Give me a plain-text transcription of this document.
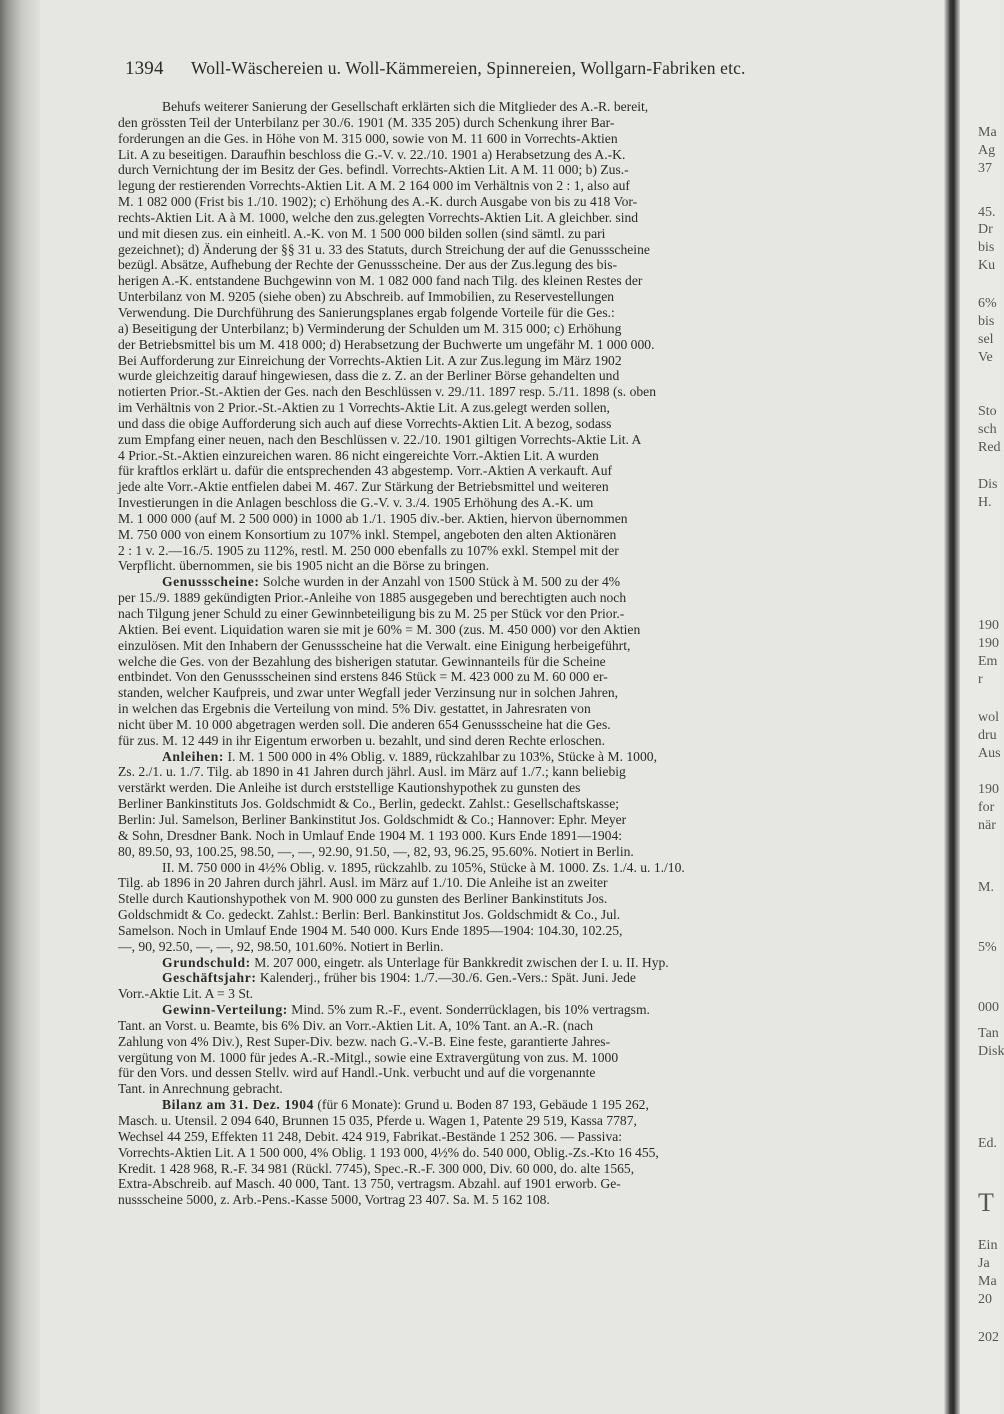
1394 Woll-Wäschereien u. Woll-Kämmereien, Spinnereien, Wollgarn-Fabriken etc.
Behufs weiterer Sanierung der Gesellschaft erklärten sich die Mitglieder des A.-R. bereit,
den grössten Teil der Unterbilanz per 30./6. 1901 (M. 335 205) durch Schenkung ihrer Bar-
forderungen an die Ges. in Höhe von M. 315 000, sowie von M. 11 600 in Vorrechts-Aktien
Lit. A zu beseitigen. Daraufhin beschloss die G.-V. v. 22./10. 1901 a) Herabsetzung des A.-K.
durch Vernichtung der im Besitz der Ges. befindl. Vorrechts-Aktien Lit. A M. 11 000; b) Zus.-
legung der restierenden Vorrechts-Aktien Lit. A M. 2 164 000 im Verhältnis von 2 : 1, also auf
M. 1 082 000 (Frist bis 1./10. 1902); c) Erhöhung des A.-K. durch Ausgabe von bis zu 418 Vor-
rechts-Aktien Lit. A à M. 1000, welche den zus.gelegten Vorrechts-Aktien Lit. A gleichber. sind
und mit diesen zus. ein einheitl. A.-K. von M. 1 500 000 bilden sollen (sind sämtl. zu pari
gezeichnet); d) Änderung der §§ 31 u. 33 des Statuts, durch Streichung der auf die Genussscheine
bezügl. Absätze, Aufhebung der Rechte der Genussscheine. Der aus der Zus.legung des bis-
herigen A.-K. entstandene Buchgewinn von M. 1 082 000 fand nach Tilg. des kleinen Restes der
Unterbilanz von M. 9205 (siehe oben) zu Abschreib. auf Immobilien, zu Reservestellungen
Verwendung. Die Durchführung des Sanierungsplanes ergab folgende Vorteile für die Ges.:
a) Beseitigung der Unterbilanz; b) Verminderung der Schulden um M. 315 000; c) Erhöhung
der Betriebsmittel bis um M. 418 000; d) Herabsetzung der Buchwerte um ungefähr M. 1 000 000.
Bei Aufforderung zur Einreichung der Vorrechts-Aktien Lit. A zur Zus.legung im März 1902
wurde gleichzeitig darauf hingewiesen, dass die z. Z. an der Berliner Börse gehandelten und
notierten Prior.-St.-Aktien der Ges. nach den Beschlüssen v. 29./11. 1897 resp. 5./11. 1898 (s. oben
im Verhältnis von 2 Prior.-St.-Aktien zu 1 Vorrechts-Aktie Lit. A zus.gelegt werden sollen,
und dass die obige Aufforderung sich auch auf diese Vorrechts-Aktien Lit. A bezog, sodass
zum Empfang einer neuen, nach den Beschlüssen v. 22./10. 1901 giltigen Vorrechts-Aktie Lit. A
4 Prior.-St.-Aktien einzureichen waren. 86 nicht eingereichte Vorr.-Aktien Lit. A wurden
für kraftlos erklärt u. dafür die entsprechenden 43 abgestemp. Vorr.-Aktien A verkauft. Auf
jede alte Vorr.-Aktie entfielen dabei M. 467. Zur Stärkung der Betriebsmittel und weiteren
Investierungen in die Anlagen beschloss die G.-V. v. 3./4. 1905 Erhöhung des A.-K. um
M. 1 000 000 (auf M. 2 500 000) in 1000 ab 1./1. 1905 div.-ber. Aktien, hiervon übernommen
M. 750 000 von einem Konsortium zu 107% inkl. Stempel, angeboten den alten Aktionären
2 : 1 v. 2.—16./5. 1905 zu 112%, restl. M. 250 000 ebenfalls zu 107% exkl. Stempel mit der
Verpflicht. übernommen, sie bis 1905 nicht an die Börse zu bringen.
Genussscheine: Solche wurden in der Anzahl von 1500 Stück à M. 500 zu der 4%
per 15./9. 1889 gekündigten Prior.-Anleihe von 1885 ausgegeben und berechtigten auch noch
nach Tilgung jener Schuld zu einer Gewinnbeteiligung bis zu M. 25 per Stück vor den Prior.-
Aktien. Bei event. Liquidation waren sie mit je 60% = M. 300 (zus. M. 450 000) vor den Aktien
einzulösen. Mit den Inhabern der Genussscheine hat die Verwalt. eine Einigung herbeigeführt,
welche die Ges. von der Bezahlung des bisherigen statutar. Gewinnanteils für die Scheine
entbindet. Von den Genussscheinen sind erstens 846 Stück = M. 423 000 zu M. 60 000 er-
standen, welcher Kaufpreis, und zwar unter Wegfall jeder Verzinsung nur in solchen Jahren,
in welchen das Ergebnis die Verteilung von mind. 5% Div. gestattet, in Jahresraten von
nicht über M. 10 000 abgetragen werden soll. Die anderen 654 Genussscheine hat die Ges.
für zus. M. 12 449 in ihr Eigentum erworben u. bezahlt, und sind deren Rechte erloschen.
Anleihen: I. M. 1 500 000 in 4% Oblig. v. 1889, rückzahlbar zu 103%, Stücke à M. 1000,
Zs. 2./1. u. 1./7. Tilg. ab 1890 in 41 Jahren durch jährl. Ausl. im März auf 1./7.; kann beliebig
verstärkt werden. Die Anleihe ist durch erststellige Kautionshypothek zu gunsten des
Berliner Bankinstituts Jos. Goldschmidt & Co., Berlin, gedeckt. Zahlst.: Gesellschaftskasse;
Berlin: Jul. Samelson, Berliner Bankinstitut Jos. Goldschmidt & Co.; Hannover: Ephr. Meyer
& Sohn, Dresdner Bank. Noch in Umlauf Ende 1904 M. 1 193 000. Kurs Ende 1891—1904:
80, 89.50, 93, 100.25, 98.50, —, —, 92.90, 91.50, —, 82, 93, 96.25, 95.60%. Notiert in Berlin.
II. M. 750 000 in 4½% Oblig. v. 1895, rückzahlb. zu 105%, Stücke à M. 1000. Zs. 1./4. u. 1./10.
Tilg. ab 1896 in 20 Jahren durch jährl. Ausl. im März auf 1./10. Die Anleihe ist an zweiter
Stelle durch Kautionshypothek von M. 900 000 zu gunsten des Berliner Bankinstituts Jos.
Goldschmidt & Co. gedeckt. Zahlst.: Berlin: Berl. Bankinstitut Jos. Goldschmidt & Co., Jul.
Samelson. Noch in Umlauf Ende 1904 M. 540 000. Kurs Ende 1895—1904: 104.30, 102.25,
—, 90, 92.50, —, —, 92, 98.50, 101.60%. Notiert in Berlin.
Grundschuld: M. 207 000, eingetr. als Unterlage für Bankkredit zwischen der I. u. II. Hyp.
Geschäftsjahr: Kalenderj., früher bis 1904: 1./7.—30./6. Gen.-Vers.: Spät. Juni. Jede
Vorr.-Aktie Lit. A = 3 St.
Gewinn-Verteilung: Mind. 5% zum R.-F., event. Sonderrücklagen, bis 10% vertragsm.
Tant. an Vorst. u. Beamte, bis 6% Div. an Vorr.-Aktien Lit. A, 10% Tant. an A.-R. (nach
Zahlung von 4% Div.), Rest Super-Div. bezw. nach G.-V.-B. Eine feste, garantierte Jahres-
vergütung von M. 1000 für jedes A.-R.-Mitgl., sowie eine Extravergütung von zus. M. 1000
für den Vors. und dessen Stellv. wird auf Handl.-Unk. verbucht und auf die vorgenannte
Tant. in Anrechnung gebracht.
Bilanz am 31. Dez. 1904 (für 6 Monate): Grund u. Boden 87 193, Gebäude 1 195 262,
Masch. u. Utensil. 2 094 640, Brunnen 15 035, Pferde u. Wagen 1, Patente 29 519, Kassa 7787,
Wechsel 44 259, Effekten 11 248, Debit. 424 919, Fabrikat.-Bestände 1 252 306. — Passiva:
Vorrechts-Aktien Lit. A 1 500 000, 4% Oblig. 1 193 000, 4½% do. 540 000, Oblig.-Zs.-Kto 16 455,
Kredit. 1 428 968, R.-F. 34 981 (Rückl. 7745), Spec.-R.-F. 300 000, Div. 60 000, do. alte 1565,
Extra-Abschreib. auf Masch. 40 000, Tant. 13 750, vertragsm. Abzahl. auf 1901 erworb. Ge-
nussscheine 5000, z. Arb.-Pens.-Kasse 5000, Vortrag 23 407. Sa. M. 5 162 108.
Ma
Ag
37
45.
Dr
bis
Ku
6%
bis
sel
Ve
Sto
sch
Red
Dis
H.
190
190
Em
r
wol
dru
Aus
190
for
när
M.
5%
000
Tan
Disk
Ed.
T
Ein
Ja
Ma
20
202
